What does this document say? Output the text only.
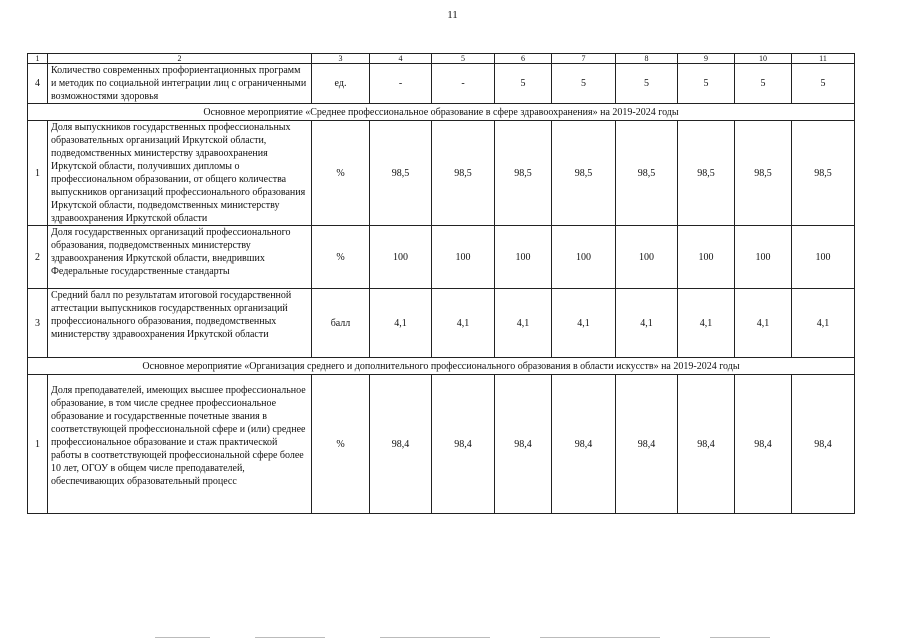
11
1	2	3	4	5	6	7	8	9	10	11
4	Количество современных профориентационных программ и методик по социальной интеграции лиц с ограниченными возможностями здоровья	ед.	-	-	5	5	5	5	5	5
Основное мероприятие «Среднее профессиональное образование в сфере здравоохранения» на 2019-2024 годы										
1	Доля выпускников государственных профессиональных образовательных организаций Иркутской области, подведомственных министерству здравоохранения Иркутской области, получивших дипломы о профессиональном образовании, от общего количества выпускников организаций профессионального образования Иркутской области, подведомственных министерству здравоохранения Иркутской области	%	98,5	98,5	98,5	98,5	98,5	98,5	98,5	98,5
2	Доля государственных организаций профессионального образования, подведомственных министерству здравоохранения Иркутской области, внедривших Федеральные государственные стандарты	%	100	100	100	100	100	100	100	100
3	Средний балл по результатам итоговой государственной аттестации выпускников государственных организаций профессионального образования, подведомственных министерству здравоохранения Иркутской области	балл	4,1	4,1	4,1	4,1	4,1	4,1	4,1	4,1
Основное мероприятие «Организация среднего и дополнительного профессионального образования в области искусств» на 2019-2024 годы										
1	Доля преподавателей, имеющих высшее профессиональное образование, в том числе среднее профессиональное образование и государственные почетные звания в соответствующей профессиональной сфере и (или) среднее профессиональное образование и стаж практической работы в соответствующей профессиональной сфере более 10 лет, ОГОУ в общем числе преподавателей, обеспечивающих образовательный процесс	%	98,4	98,4	98,4	98,4	98,4	98,4	98,4	98,4
